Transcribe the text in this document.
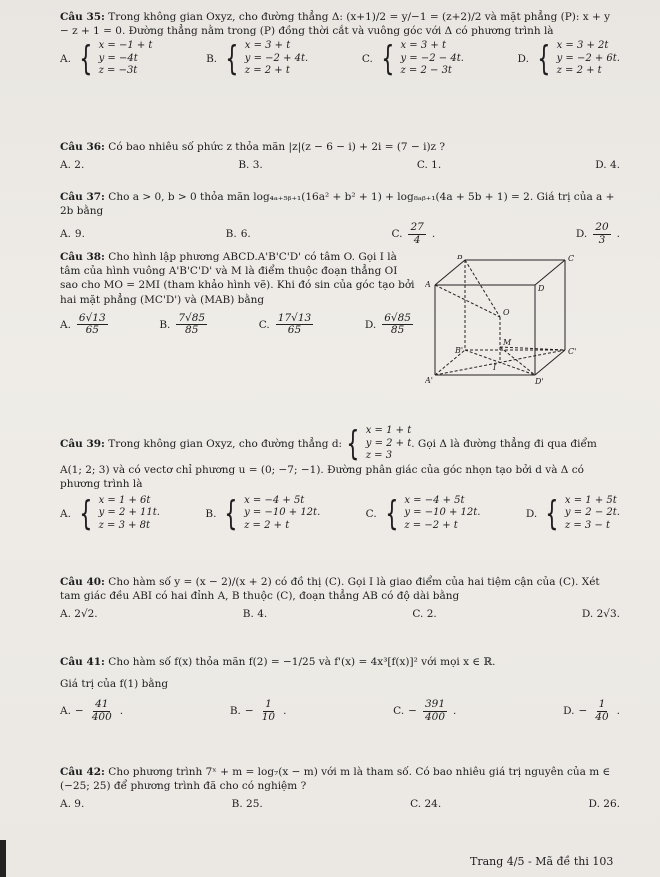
Câu 35: Trong không gian Oxyz, cho đường thẳng Δ: (x+1)/2 = y/−1 = (z+2)/2 và mặt phẳng (P): x + y − z + 1 = 0. Đường thẳng nằm trong (P) đồng thời cắt và vuông góc với Δ có phương trình là
A. { x = −1 + t
y = −4t
z = −3t
B. { x = 3 + t
y = −2 + 4t.
z = 2 + t
C. { x = 3 + t
y = −2 − 4t.
z = 2 − 3t
D. { x = 3 + 2t
y = −2 + 6t.
z = 2 + t
Câu 36: Có bao nhiêu số phức z thỏa mãn |z|(z − 6 − i) + 2i = (7 − i)z ?
A. 2.	B. 3.	C. 1.	D. 4.
Câu 37: Cho a > 0, b > 0 thỏa mãn log₄ₐ₊₅ᵦ₊₁(16a² + b² + 1) + log₈ₐᵦ₊₁(4a + 5b + 1) = 2. Giá trị của a + 2b bằng
A. 9.	B. 6.	C. $\frac{27}{4}$ .	D. $\frac{20}{3}$ .
Câu 38: Cho hình lập phương ABCD.A'B'C'D' có tâm O. Gọi I là tâm của hình vuông A'B'C'D' và M là điểm thuộc đoạn thẳng OI sao cho MO = 2MI (tham khảo hình vẽ). Khi đó sin của góc tạo bởi hai mặt phẳng (MC'D') và (MAB) bằng
A. $\frac{6√13}{65}$	B. $\frac{7√85}{85}$	C. $\frac{17√13}{65}$	D. $\frac{6√85}{85}$
A
B	C
D
A'
B'	C'
D'
O
M
I
Câu 39:
Trong không gian Oxyz, cho đường thẳng d: { x = 1 + t
y = 2 + t
z = 3
. Gọi Δ là đường thẳng đi qua điểm
A(1; 2; 3) và có vectơ chỉ phương u = (0; −7; −1). Đường phân giác của góc nhọn tạo bởi d và Δ có phương trình là
A. { x = 1 + 6t
y = 2 + 11t.
z = 3 + 8t
B. { x = −4 + 5t
y = −10 + 12t.
z = 2 + t
C. { x = −4 + 5t
y = −10 + 12t.
z = −2 + t
D. { x = 1 + 5t
y = 2 − 2t.
z = 3 − t
Câu 40: Cho hàm số y = (x − 2)/(x + 2) có đồ thị (C). Gọi I là giao điểm của hai tiệm cận của (C). Xét tam giác đều ABI có hai đỉnh A, B thuộc (C), đoạn thẳng AB có độ dài bằng
A. 2√2.	B. 4.	C. 2.	D. 2√3.
Câu 41: Cho hàm số f(x) thỏa mãn f(2) = −1/25 và f'(x) = 4x³[f(x)]² với mọi x ∈ ℝ.
Giá trị của f(1) bằng
A. − $\frac{41}{400}$ .	B. − $\frac{1}{10}$ .	C. − $\frac{391}{400}$ .	D. − $\frac{1}{40}$ .
Câu 42: Cho phương trình 7ˣ + m = log₇(x − m) với m là tham số. Có bao nhiêu giá trị nguyên của m ∈ (−25; 25) để phương trình đã cho có nghiệm ?
A. 9.	B. 25.	C. 24.	D. 26.
Trang 4/5 - Mã đề thi 103
